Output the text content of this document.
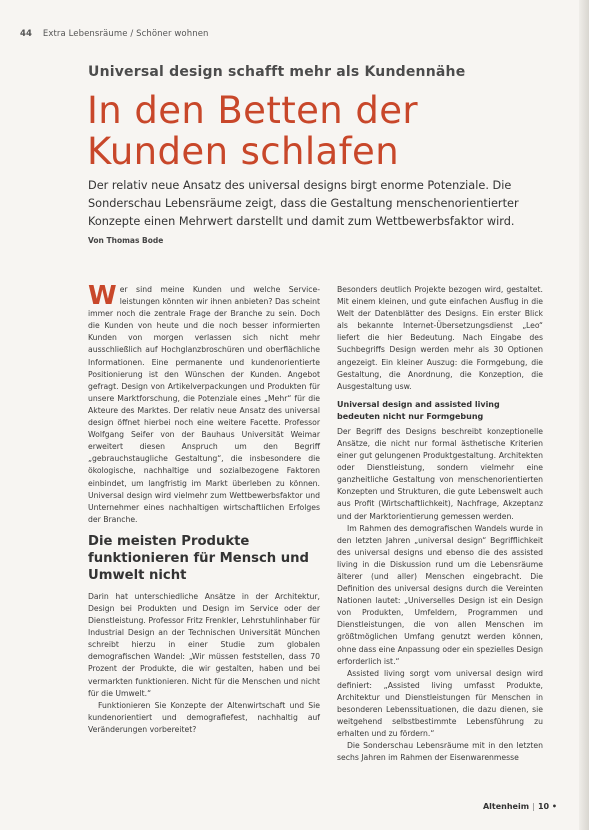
44 Extra Lebensräume / Schöner wohnen
Universal design schafft mehr als Kundennähe
In den Betten der Kunden schlafen
Der relativ neue Ansatz des universal designs birgt enorme Potenziale. Die Sonderschau Lebensräume zeigt, dass die Gestaltung menschenorientierter Konzepte einen Mehrwert darstellt und damit zum Wettbewerbsfaktor wird.
Von Thomas Bode

Wer sind meine Kunden und welche Serviceleistungen könnten wir ihnen anbieten? Das scheint immer noch die zentrale Frage der Branche zu sein. Doch die Kunden von heute und die noch besser informierten Kunden von morgen verlassen sich nicht mehr ausschließlich auf Hochglanzbroschüren und oberflächliche Informationen. Eine permanente und kundenorientierte Positionierung ist den Wünschen der Kunden. Angebot gefragt. Design von Artikelverpackungen und Produkten für unsere Marktforschung, die Potenziale eines „Mehr“ für die Akteure des Marktes. Der relativ neue Ansatz des universal design öffnet hierbei noch eine weitere Facette. Professor Wolfgang Seifer von der Bauhaus Universität Weimar erweitert diesen Anspruch um den Begriff „gebrauchstaugliche Gestaltung“, die insbesondere die ökologische, nachhaltige und sozialbezogene Faktoren einbindet, um langfristig im Markt überleben zu können. Universal design wird vielmehr zum Wettbewerbsfaktor und Unternehmer eines nachhaltigen wirtschaftlichen Erfolges der Branche.

Die meisten Produkte funktionieren für Mensch und Umwelt nicht

Darin hat unterschiedliche Ansätze in der Architektur, Design bei Produkten und Design im Service oder der Dienstleistung. Professor Fritz Frenkler, Lehrstuhlinhaber für Industrial Design an der Technischen Universität München schreibt hierzu in einer Studie zum globalen demografischen Wandel: „Wir müssen feststellen, dass 70 Prozent der Produkte, die wir gestalten, haben und bei vermarkten funktionieren. Nicht für die Menschen und nicht für die Umwelt.“

Funktionieren Sie Konzepte der Altenwirtschaft und Sie kundenorientiert und demografiefest, nachhaltig auf Veränderungen vorbereitet?

Besonders deutlich Projekte bezogen wird, gestaltet. Mit einem kleinen, und gute einfachen Ausflug in die Welt der Datenblätter des Designs. Ein erster Blick als bekannte Internet-Übersetzungsdienst „Leo“ liefert die hier Bedeutung. Nach Eingabe des Suchbegriffs Design werden mehr als 30 Optionen angezeigt. Ein kleiner Auszug: die Formgebung, die Gestaltung, die Anordnung, die Konzeption, die Ausgestaltung usw.

Universal design and assisted living bedeuten nicht nur Formgebung

Der Begriff des Designs beschreibt konzeptionelle Ansätze, die nicht nur formal ästhetische Kriterien einer gut gelungenen Produktgestaltung. Architekten oder Dienstleistung, sondern vielmehr eine ganzheitliche Gestaltung von menschenorientierten Konzepten und Strukturen, die gute Lebenswelt auch aus Profit (Wirtschaftlichkeit), Nachfrage, Akzeptanz und der Marktorientierung gemessen werden.

Im Rahmen des demografischen Wandels wurde in den letzten Jahren „universal design“ Begrifflichkeit des universal designs und ebenso die des assisted living in die Diskussion rund um die Lebensräume älterer (und aller) Menschen eingebracht. Die Definition des universal designs durch die Vereinten Nationen lautet: „Universelles Design ist ein Design von Produkten, Umfeldern, Programmen und Dienstleistungen, die von allen Menschen im größtmöglichen Umfang genutzt werden können, ohne dass eine Anpassung oder ein spezielles Design erforderlich ist.“

Assisted living sorgt vom universal design wird definiert: „Assisted living umfasst Produkte, Architektur und Dienstleistungen für Menschen in besonderen Lebenssituationen, die dazu dienen, sie weitgehend selbstbestimmte Lebensführung zu erhalten und zu fördern.“

Die Sonderschau Lebensräume mit in den letzten sechs Jahren im Rahmen der Eisenwarenmesse

Altenheim | 10 •
